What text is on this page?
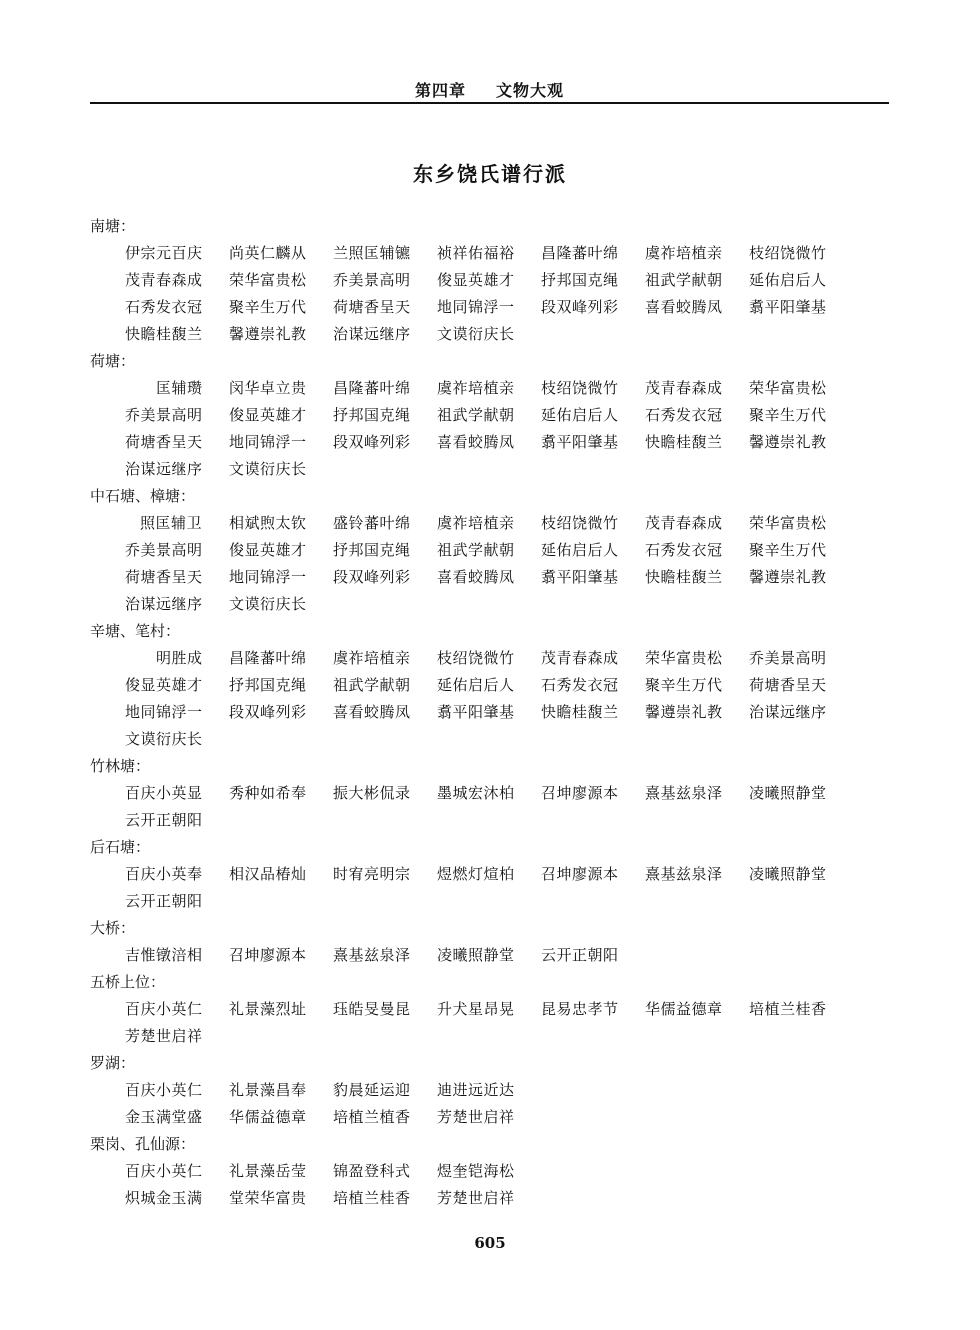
第四章 文物大观
东乡饶氏谱行派
南塘：
伊宗元百庆 尚英仁麟从 兰照匡辅镳 祯祥佑福裕 昌隆蕃叶绵 虞祚培植亲 枝绍饶微竹
茂青春森成 荣华富贵松 乔美景高明 俊显英雄才 抒邦国克绳 祖武学献朝 延佑启后人
石秀发衣冠 聚辛生万代 荷塘香呈天 地同锦浮一 段双峰列彩 喜看蛟腾凤 翥平阳肇基
快瞻桂馥兰 馨遵崇礼教 治谋远继序 文谟衍庆长
荷塘：
匡辅瓒 闵华卓立贵 昌隆蕃叶绵 虞祚培植亲 枝绍饶微竹 茂青春森成 荣华富贵松
乔美景高明 俊显英雄才 抒邦国克绳 祖武学献朝 延佑启后人 石秀发衣冠 聚辛生万代
荷塘香呈天 地同锦浮一 段双峰列彩 喜看蛟腾凤 翥平阳肇基 快瞻桂馥兰 馨遵崇礼教
治谋远继序 文谟衍庆长
中石塘、樟塘：
照匡辅卫 相斌煦太钦 盛铃蕃叶绵 虞祚培植亲 枝绍饶微竹 茂青春森成 荣华富贵松
乔美景高明 俊显英雄才 抒邦国克绳 祖武学献朝 延佑启后人 石秀发衣冠 聚辛生万代
荷塘香呈天 地同锦浮一 段双峰列彩 喜看蛟腾凤 翥平阳肇基 快瞻桂馥兰 馨遵崇礼教
治谋远继序 文谟衍庆长
辛塘、笔村：
明胜成 昌隆蕃叶绵 虞祚培植亲 枝绍饶微竹 茂青春森成 荣华富贵松 乔美景高明
俊显英雄才 抒邦国克绳 祖武学献朝 延佑启后人 石秀发衣冠 聚辛生万代 荷塘香呈天
地同锦浮一 段双峰列彩 喜看蛟腾凤 翥平阳肇基 快瞻桂馥兰 馨遵崇礼教 治谋远继序
文谟衍庆长
竹林塘：
百庆小英显 秀种如希奉 振大彬侃录 墨城宏沐柏 召坤廖源本 熹基兹泉泽 凌曦照静堂
云开正朝阳
后石塘：
百庆小英奉 相汉品椿灿 时宥亮明宗 煜燃灯煊柏 召坤廖源本 熹基兹泉泽 凌曦照静堂
云开正朝阳
大桥：
吉惟镦涪相 召坤廖源本 熹基兹泉泽 凌曦照静堂 云开正朝阳
五桥上位：
百庆小英仁 礼景藻烈址 珏皓旻曼昆 升犬星昂晃 昆易忠孝节 华儒益德章 培植兰桂香
芳楚世启祥
罗湖：
百庆小英仁 礼景藻昌奉 豹晨延运迎 迪进远近达
金玉满堂盛 华儒益德章 培植兰植香 芳楚世启祥
栗岗、孔仙源：
百庆小英仁 礼景藻岳莹 锦盈登科式 煜奎铠海松
炽城金玉满 堂荣华富贵 培植兰桂香 芳楚世启祥
605
